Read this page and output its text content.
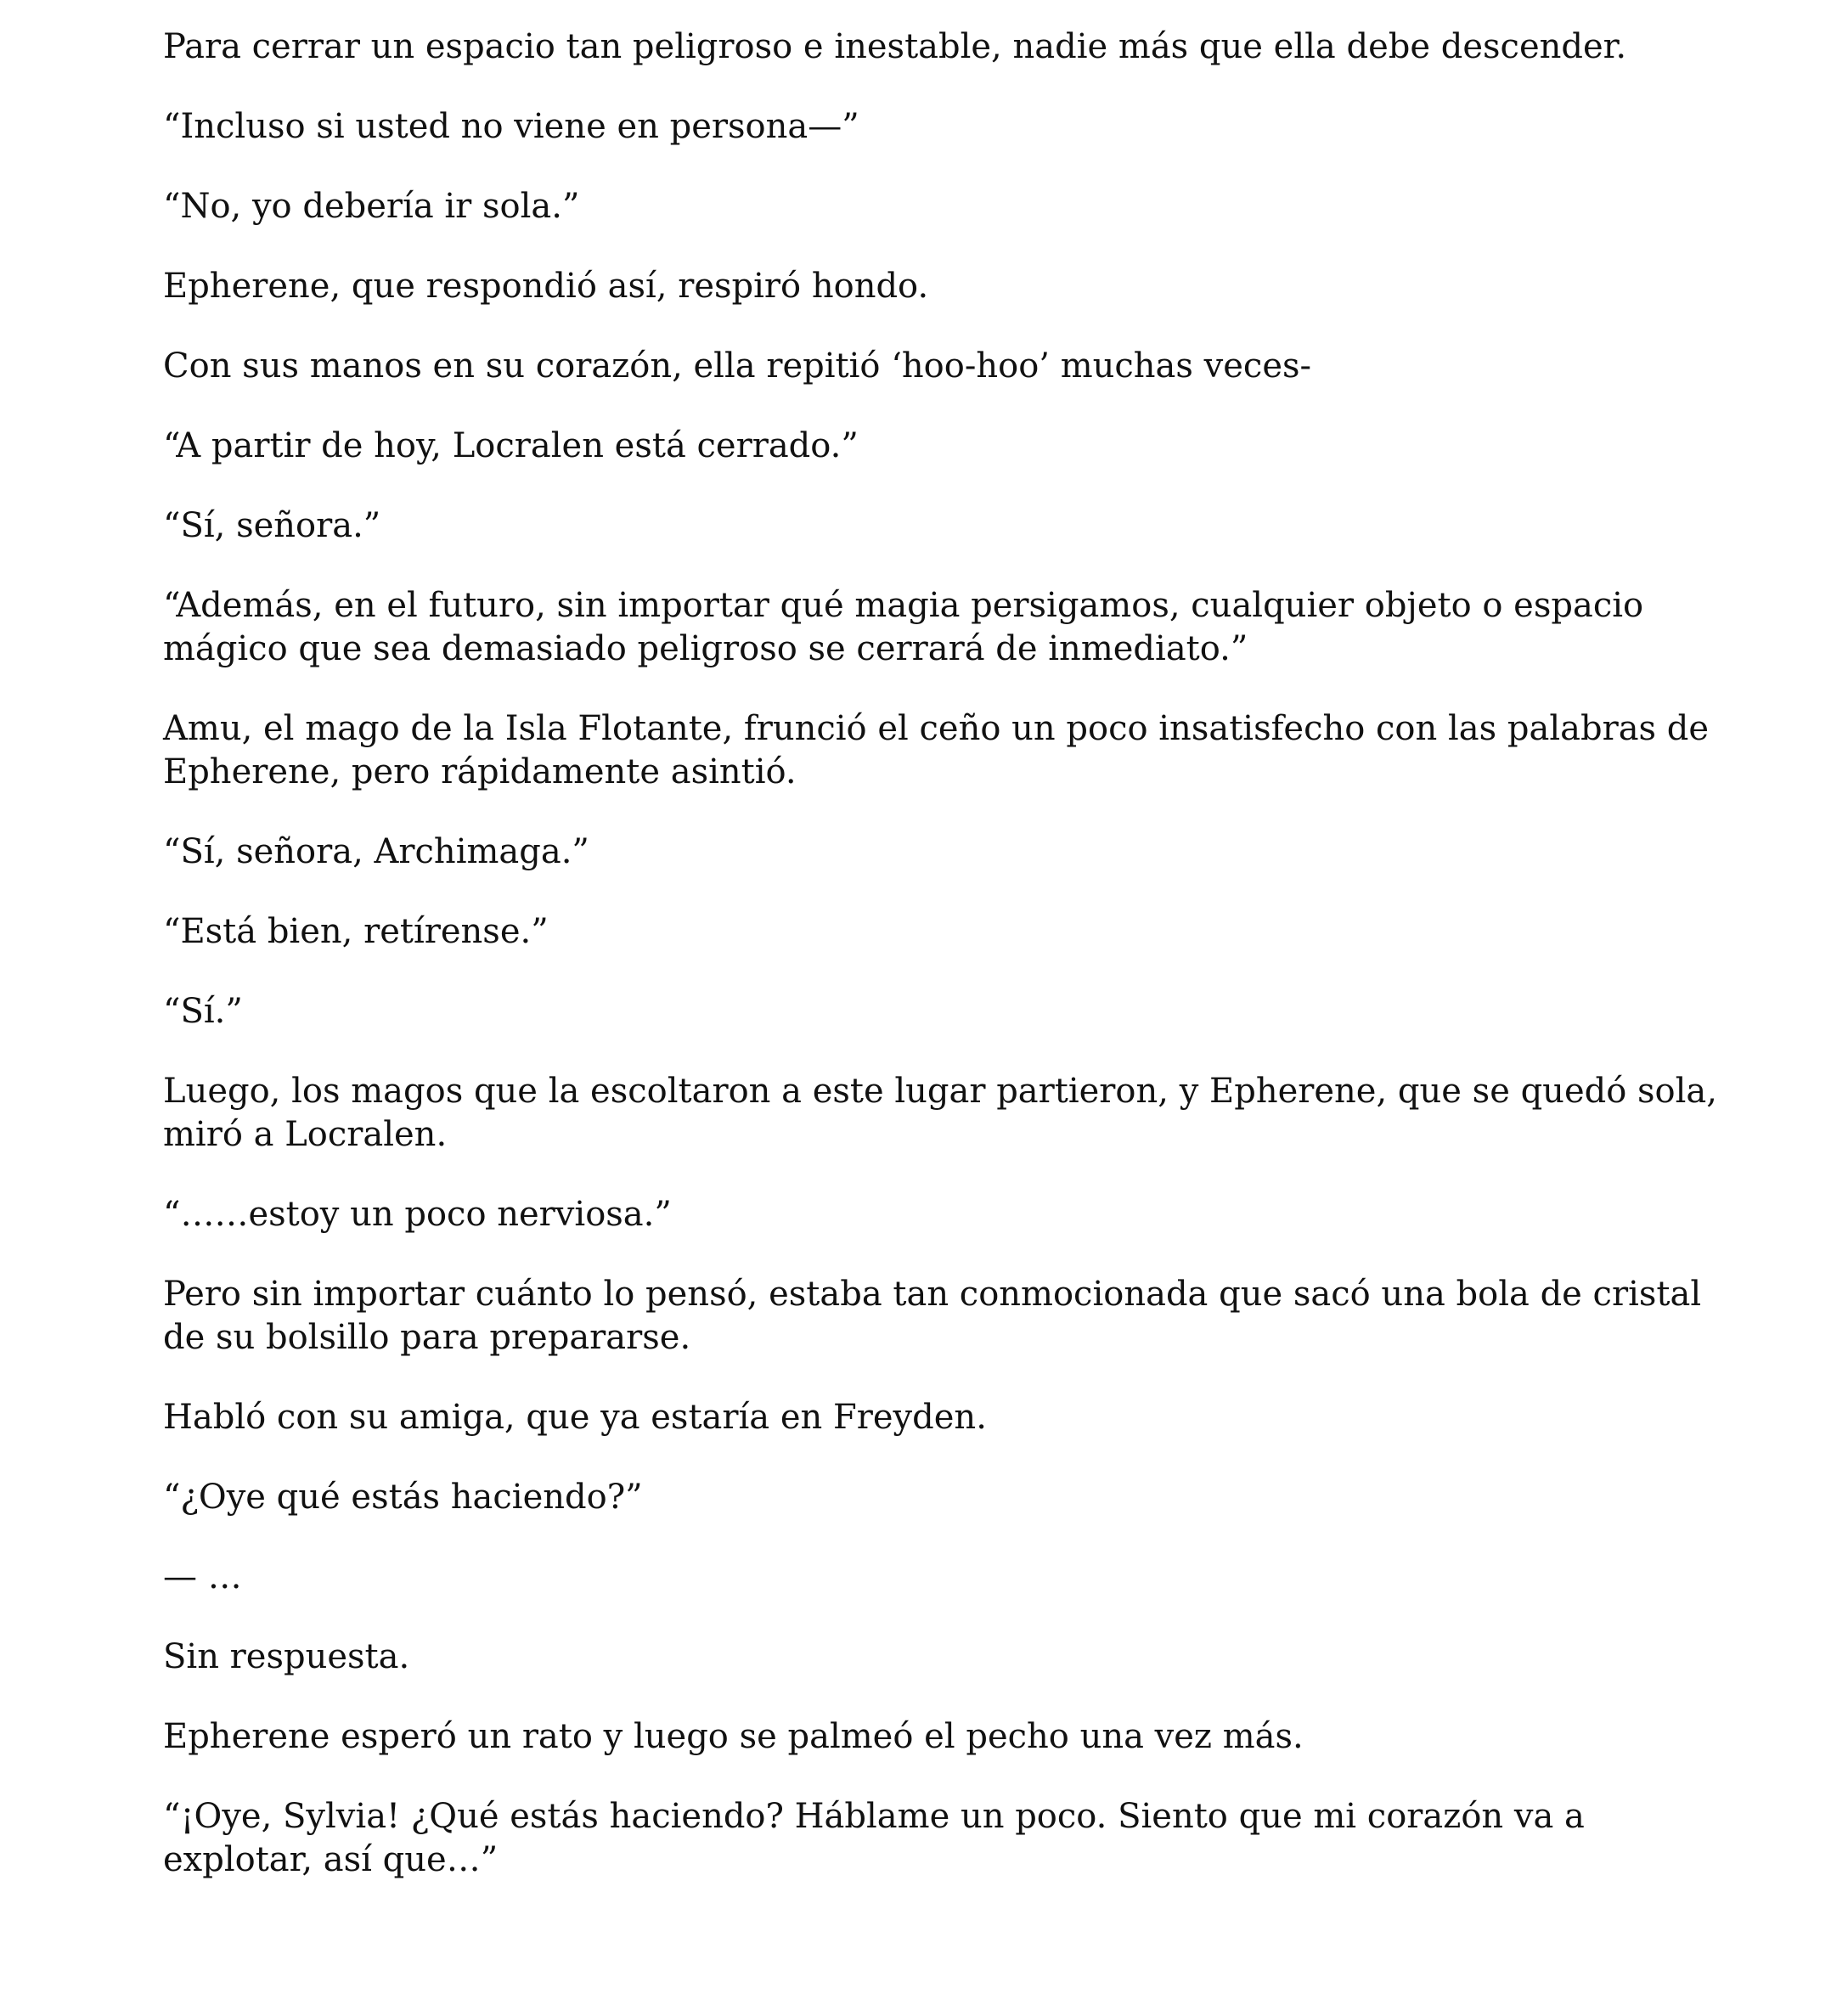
Para cerrar un espacio tan peligroso e inestable, nadie más que ella debe descender.

“Incluso si usted no viene en persona—”

“No, yo debería ir sola.”

Epherene, que respondió así, respiró hondo.

Con sus manos en su corazón, ella repitió ‘hoo-hoo’ muchas veces-

“A partir de hoy, Locralen está cerrado.”

“Sí, señora.”

“Además, en el futuro, sin importar qué magia persigamos, cualquier objeto o espacio mágico que sea demasiado peligroso se cerrará de inmediato.”

Amu, el mago de la Isla Flotante, frunció el ceño un poco insatisfecho con las palabras de Epherene, pero rápidamente asintió.

“Sí, señora, Archimaga.”

“Está bien, retírense.”

“Sí.”

Luego, los magos que la escoltaron a este lugar partieron, y Epherene, que se quedó sola, miró a Locralen.

“……estoy un poco nerviosa.”

Pero sin importar cuánto lo pensó, estaba tan conmocionada que sacó una bola de cristal de su bolsillo para prepararse.

Habló con su amiga, que ya estaría en Freyden.

“¿Oye qué estás haciendo?”

— …

Sin respuesta.

Epherene esperó un rato y luego se palmeó el pecho una vez más.

“¡Oye, Sylvia! ¿Qué estás haciendo? Háblame un poco. Siento que mi corazón va a explotar, así que…”
